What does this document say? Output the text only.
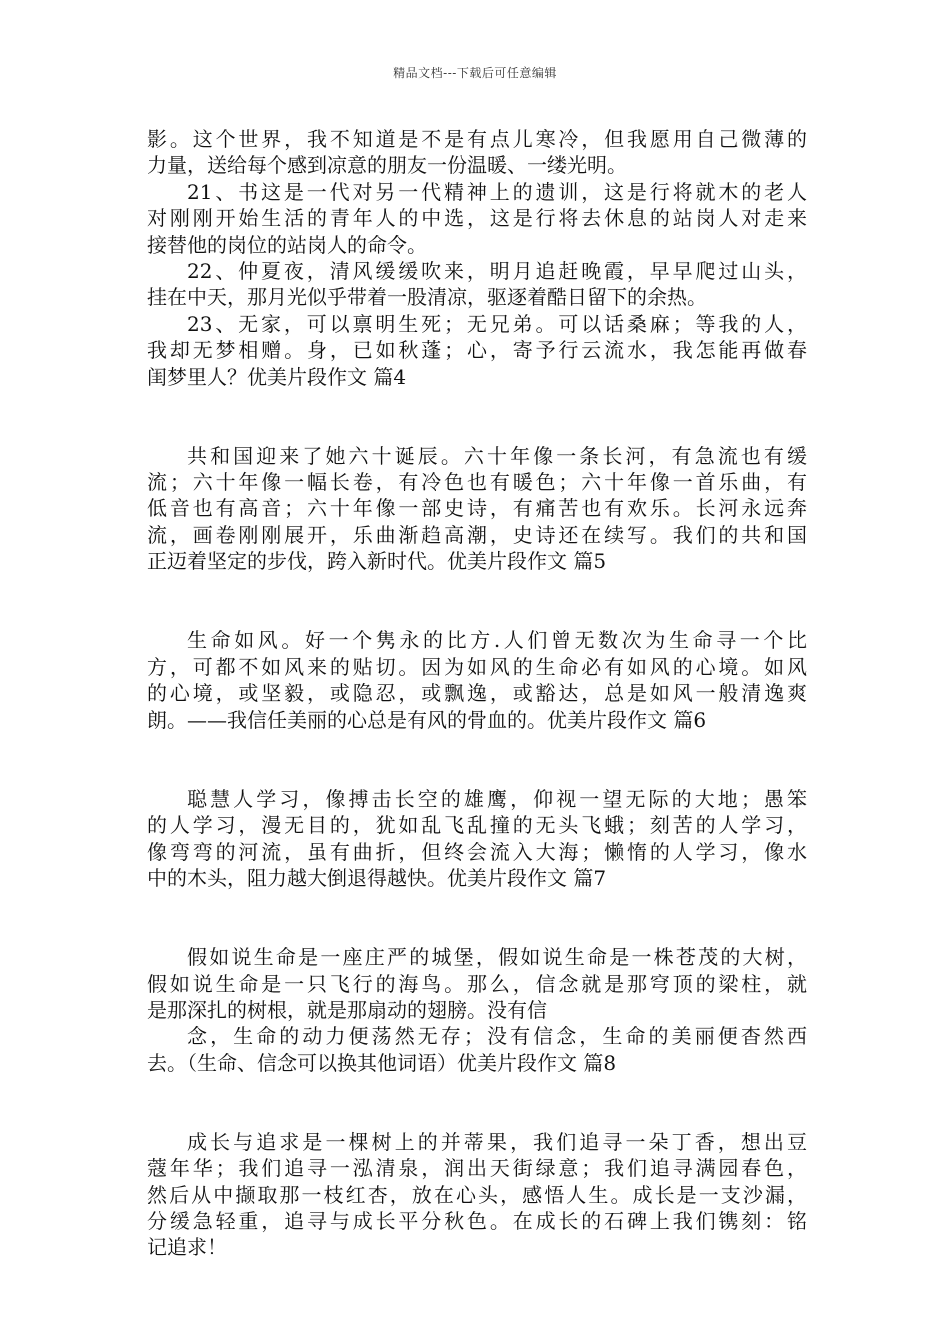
精品文档---下载后可任意编辑
影。这个世界，我不知道是不是有点儿寒冷，但我愿用自己微薄的
力量，送给每个感到凉意的朋友一份温暖、一缕光明。
21、书这是一代对另一代精神上的遗训，这是行将就木的老人
对刚刚开始生活的青年人的中选，这是行将去休息的站岗人对走来
接替他的岗位的站岗人的命令。
22、仲夏夜，清风缓缓吹来，明月追赶晚霞，早早爬过山头，
挂在中天，那月光似乎带着一股清凉，驱逐着酷日留下的余热。
23、无家，可以禀明生死；无兄弟。可以话桑麻；等我的人，
我却无梦相赠。身，已如秋蓬；心，寄予行云流水，我怎能再做春
闺梦里人？优美片段作文 篇4
共和国迎来了她六十诞辰。六十年像一条长河，有急流也有缓
流；六十年像一幅长卷，有冷色也有暖色；六十年像一首乐曲，有
低音也有高音；六十年像一部史诗，有痛苦也有欢乐。长河永远奔
流，画卷刚刚展开，乐曲渐趋高潮，史诗还在续写。我们的共和国
正迈着坚定的步伐，跨入新时代。优美片段作文 篇5
生命如风。好一个隽永的比方.人们曾无数次为生命寻一个比
方，可都不如风来的贴切。因为如风的生命必有如风的心境。如风
的心境，或坚毅，或隐忍，或飘逸，或豁达，总是如风一般清逸爽
朗。——我信任美丽的心总是有风的骨血的。优美片段作文 篇6
聪慧人学习，像搏击长空的雄鹰，仰视一望无际的大地；愚笨
的人学习，漫无目的，犹如乱飞乱撞的无头飞蛾；刻苦的人学习，
像弯弯的河流，虽有曲折，但终会流入大海；懒惰的人学习，像水
中的木头，阻力越大倒退得越快。优美片段作文 篇7
假如说生命是一座庄严的城堡，假如说生命是一株苍茂的大树，
假如说生命是一只飞行的海鸟。那么，信念就是那穹顶的梁柱，就
是那深扎的树根，就是那扇动的翅膀。没有信
念，生命的动力便荡然无存；没有信念，生命的美丽便杳然西
去。（生命、信念可以换其他词语）优美片段作文 篇8
成长与追求是一棵树上的并蒂果，我们追寻一朵丁香，想出豆
蔻年华；我们追寻一泓清泉，润出天街绿意；我们追寻满园春色，
然后从中撷取那一枝红杏，放在心头，感悟人生。成长是一支沙漏，
分缓急轻重，追寻与成长平分秋色。在成长的石碑上我们镌刻：铭
记追求！
